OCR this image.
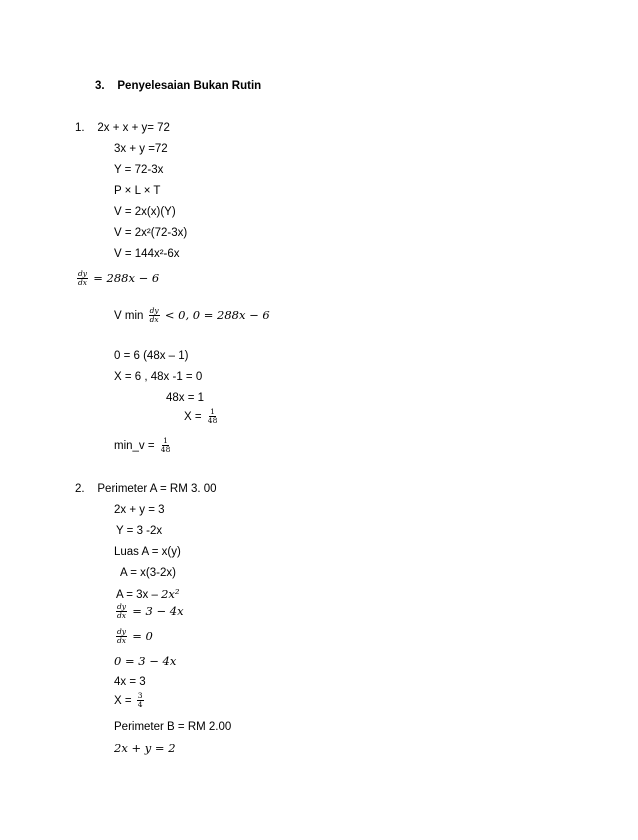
3. Penyelesaian Bukan Rutin
1. 2x + x + y= 72
3x + y =72
Y = 72-3x
P × L × T
V = 2x(x)(Y)
V = 2x²(72-3x)
V = 144x²-6x
$\frac{dy}{dx} = 288x - 6$
V $\min \frac{dy}{dx} < 0$, 0 = 288x − 6
0 = 6 (48x – 1)
X = 6 , 48x -1 = 0
48x = 1
$X = \frac{1}{48}$
min_v = $\frac{1}{48}$
2. Perimeter A = RM 3. 00
2x + y = 3
Y = 3 -2x
Luas A = x(y)
A = x(3-2x)
A = 3x – 2x²
$\frac{dy}{dx} = 3 - 4x$
$\frac{dy}{dx} = 0$
0 = 3 − 4x
4x = 3
$X = \frac{3}{4}$
Perimeter B = RM 2.00
2x + y = 2
